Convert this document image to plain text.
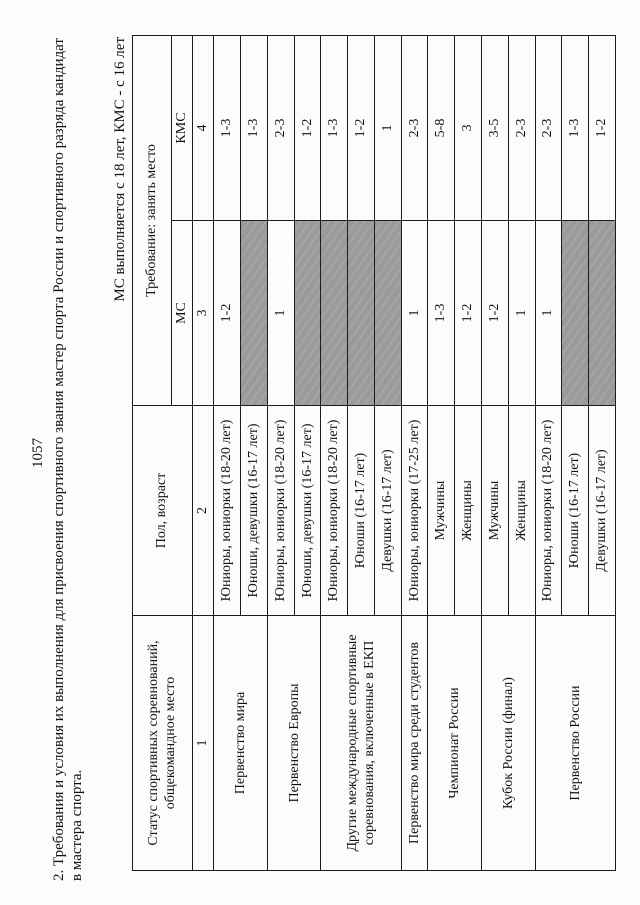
1057 2. Требования и условия их выполнения для присвоения спортивного звания мастер спорта России и спортивного разряда кандидат в мастера спорта.
МС выполняется с 18 лет, КМС - с 16 лет
Статус спортивных соревнований, общекомандное место	Пол, возраст	Требование: занять место	
		МС	КМС
1	2	3	4
Первенство мира	Юниоры, юниорки (18-20 лет)	1-2	1-3
	Юноши, девушки (16-17 лет)		1-3
Первенство Европы	Юниоры, юниорки (18-20 лет)	1	2-3
	Юноши, девушки (16-17 лет)		1-2
Другие международные спортивные соревнования, включенные в ЕКП	Юниоры, юниорки (18-20 лет)		1-3
	Юноши (16-17 лет)		1-2
	Девушки (16-17 лет)		1
Первенство мира среди студентов	Юниоры, юниорки (17-25 лет)	1	2-3
Чемпионат России	Мужчины	1-3	5-8
	Женщины	1-2	3
Кубок России (финал)	Мужчины	1-2	3-5
	Женщины	1	2-3
Первенство России	Юниоры, юниорки (18-20 лет)	1	2-3
	Юноши (16-17 лет)		1-3
	Девушки (16-17 лет)		1-2
